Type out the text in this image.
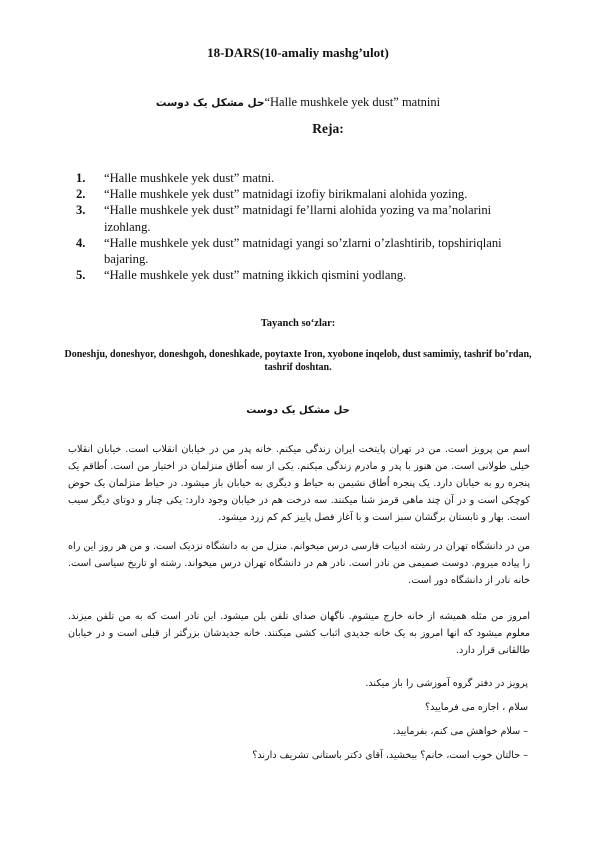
18-DARS(10-amaliy mashg’ulot)
حل مشکل یک دوست“Halle mushkele yek dust” matnini
Reja:
1. “Halle mushkele yek dust” matni.
2. “Halle mushkele yek dust” matnidagi izofiy birikmalani alohida yozing.
3. “Halle mushkele yek dust” matnidagi fe’llarni alohida yozing va ma’nolarini izohlang.
4. “Halle mushkele yek dust” matnidagi yangi so’zlarni o’zlashtirib, topshiriqlani bajaring.
5. “Halle mushkele yek dust” matning ikkich qismini yodlang.
Tayanch so‘zlar:
Doneshju, doneshyor, doneshgoh, doneshkade, poytaxte Iron, xyobone inqelob, dust samimiy, tashrif bo’rdan, tashrif doshtan.
حل مشکل یک دوست

اسم من پرویز است. من در تهران پایتخت ایران زندگی میکنم. خانه پدر من در خیابان انقلاب است. خیابان انقلاب خیلی طولانی است. من هنوز با پدر و مادرم زندگی میکنم. یکی از سه اُطاق منزلمان در اختیار من است. اُطاقم یک پنجره رو به خیابان دارد. یک پنجره اُطاق نشیمن به حیاط و دیگری به خیابان باز میشود. در حیاط منزلمان یک حوض کوچکی است و در آن چند ماهی قرمز شنا میکنند. سه درخت هم در خیابان وجود دارد: یکی چنار و دوتای دیگر سیب است. بهار و تابستان برگشان سبز است و با آغاز فصل پاییز کم کم زرد میشود.

من در دانشگاه تهران در رشته ادبیات فارسی درس میخوانم. منزل من به دانشگاه نزدیک است. و من هر روز این راه را پیاده میروم. دوست صمیمی من نادر است. نادر هم در دانشگاه تهران درس میخواند. رشته او تاریخ سیاسی است. خانه نادر از دانشگاه دور است.

امروز من مثله همیشه از خانه خارج میشوم. ناگهان صدای تلفن بلن میشود. این نادر است که به من تلفن میزند. معلوم میشود که انها امروز به یک خانه جدیدی اثباب کشی میکنند. خانه جدیدشان بزرگتر از قبلی است و در خیابان طالقانی قرار دارد.

پرویز در دفتر گروه آموزشی را باز میکند.
سلام ، اجازه می فرمایید؟
– سلام خواهش می کنم، بفرمایید.
– حالتان خوب است، خانم؟ ببخشید، آقای دکتر باستانی تشریف دارند؟
